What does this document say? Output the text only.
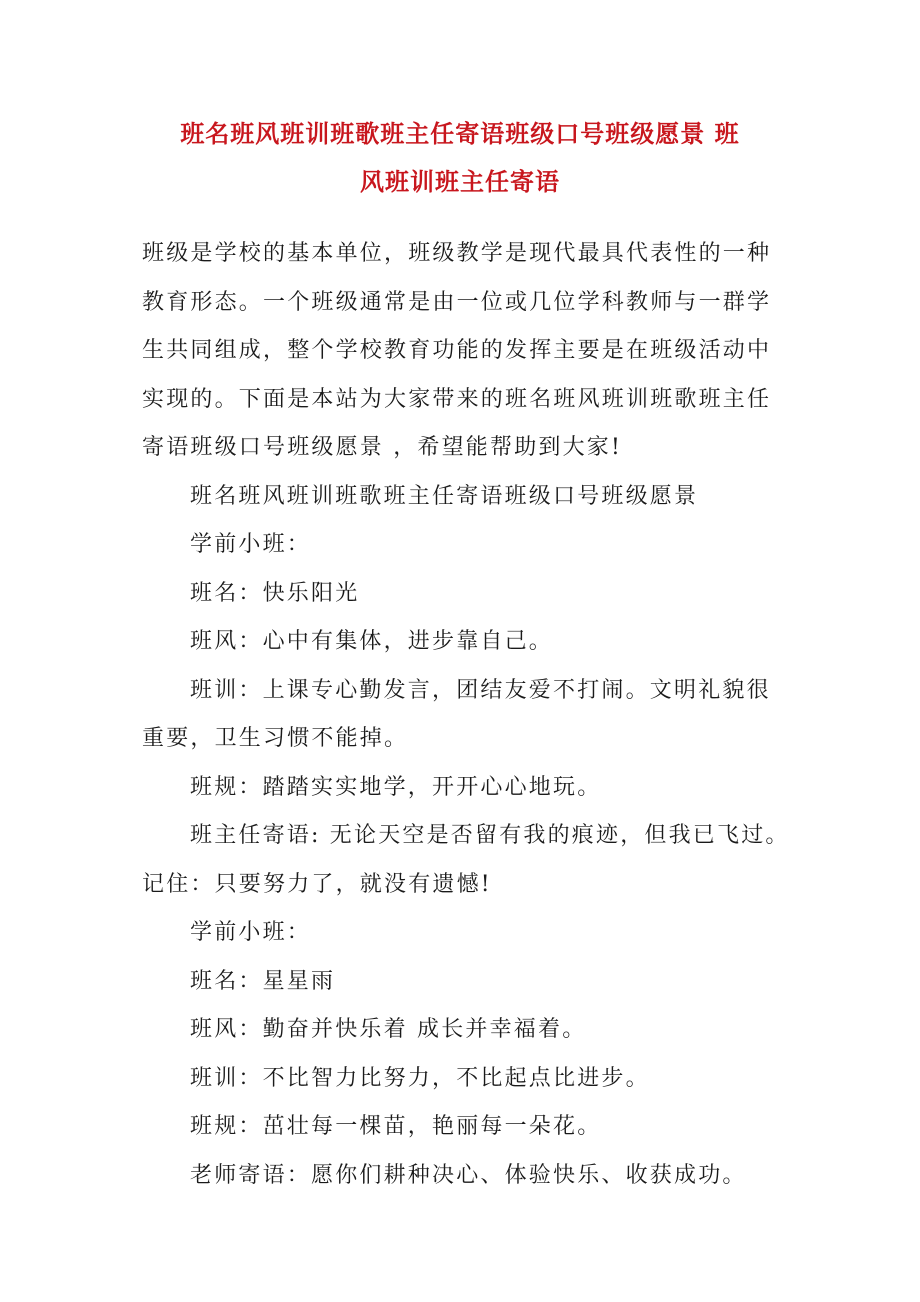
班名班风班训班歌班主任寄语班级口号班级愿景 班
风班训班主任寄语

班级是学校的基本单位，班级教学是现代最具代表性的一种
教育形态。一个班级通常是由一位或几位学科教师与一群学
生共同组成，整个学校教育功能的发挥主要是在班级活动中
实现的。下面是本站为大家带来的班名班风班训班歌班主任
寄语班级口号班级愿景 ，希望能帮助到大家!

班名班风班训班歌班主任寄语班级口号班级愿景

学前小班：

班名：快乐阳光

班风：心中有集体，进步靠自己。

班训：上课专心勤发言，团结友爱不打闹。文明礼貌很
重要，卫生习惯不能掉。

班规：踏踏实实地学，开开心心地玩。

班主任寄语: 无论天空是否留有我的痕迹，但我已飞过。
记住：只要努力了，就没有遗憾!

学前小班：

班名：星星雨

班风：勤奋并快乐着 成长并幸福着。

班训：不比智力比努力，不比起点比进步。

班规：茁壮每一棵苗，艳丽每一朵花。

老师寄语：愿你们耕种决心、体验快乐、收获成功。
